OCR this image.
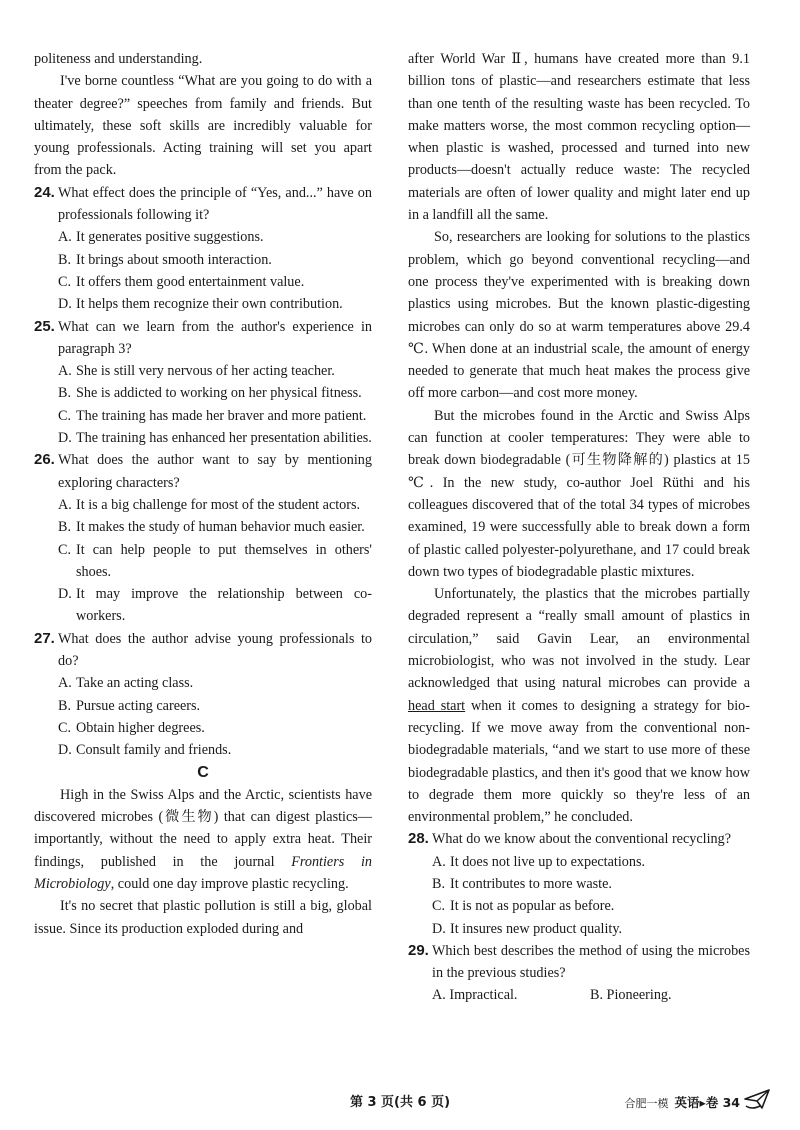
politeness and understanding.

I've borne countless “What are you going to do with a theater degree?” speeches from family and friends. But ultimately, these soft skills are incredibly valuable for young professionals. Acting training will set you apart from the pack.

24. What effect does the principle of “Yes, and...” have on professionals following it?
A. It generates positive suggestions.
B. It brings about smooth interaction.
C. It offers them good entertainment value.
D. It helps them recognize their own contribution.
25. What can we learn from the author's experience in paragraph 3?
A. She is still very nervous of her acting teacher.
B. She is addicted to working on her physical fitness.
C. The training has made her braver and more patient.
D. The training has enhanced her presentation abilities.
26. What does the author want to say by mentioning exploring characters?
A. It is a big challenge for most of the student actors.
B. It makes the study of human behavior much easier.
C. It can help people to put themselves in others' shoes.
D. It may improve the relationship between co-workers.
27. What does the author advise young professionals to do?
A. Take an acting class.
B. Pursue acting careers.
C. Obtain higher degrees.
D. Consult family and friends.
C

High in the Swiss Alps and the Arctic, scientists have discovered microbes (微生物) that can digest plastics—importantly, without the need to apply extra heat. Their findings, published in the journal Frontiers in Microbiology, could one day improve plastic recycling.

It's no secret that plastic pollution is still a big, global issue. Since its production exploded during and

after World War Ⅱ, humans have created more than 9.1 billion tons of plastic—and researchers estimate that less than one tenth of the resulting waste has been recycled. To make matters worse, the most common recycling option—when plastic is washed, processed and turned into new products—doesn't actually reduce waste: The recycled materials are often of lower quality and might later end up in a landfill all the same.

So, researchers are looking for solutions to the plastics problem, which go beyond conventional recycling—and one process they've experimented with is breaking down plastics using microbes. But the known plastic-digesting microbes can only do so at warm temperatures above 29.4 ℃. When done at an industrial scale, the amount of energy needed to generate that much heat makes the process give off more carbon—and cost more money.

But the microbes found in the Arctic and Swiss Alps can function at cooler temperatures: They were able to break down biodegradable (可生物降解的) plastics at 15 ℃. In the new study, co-author Joel Rüthi and his colleagues discovered that of the total 34 types of microbes examined, 19 were successfully able to break down a form of plastic called polyester-polyurethane, and 17 could break down two types of biodegradable plastic mixtures.

Unfortunately, the plastics that the microbes partially degraded represent a “really small amount of plastics in circulation,” said Gavin Lear, an environmental microbiologist, who was not involved in the study. Lear acknowledged that using natural microbes can provide a head start when it comes to designing a strategy for bio-recycling. If we move away from the conventional non-biodegradable materials, “and we start to use more of these biodegradable plastics, and then it's good that we know how to degrade them more quickly so they're less of an environmental problem,” he concluded.

28. What do we know about the conventional recycling?
A. It does not live up to expectations.
B. It contributes to more waste.
C. It is not as popular as before.
D. It insures new product quality.
29. Which best describes the method of using the microbes in the previous studies?
A. Impractical.	B. Pioneering.
第 3 页(共 6 页)	合肥一模 英语▸卷 34
